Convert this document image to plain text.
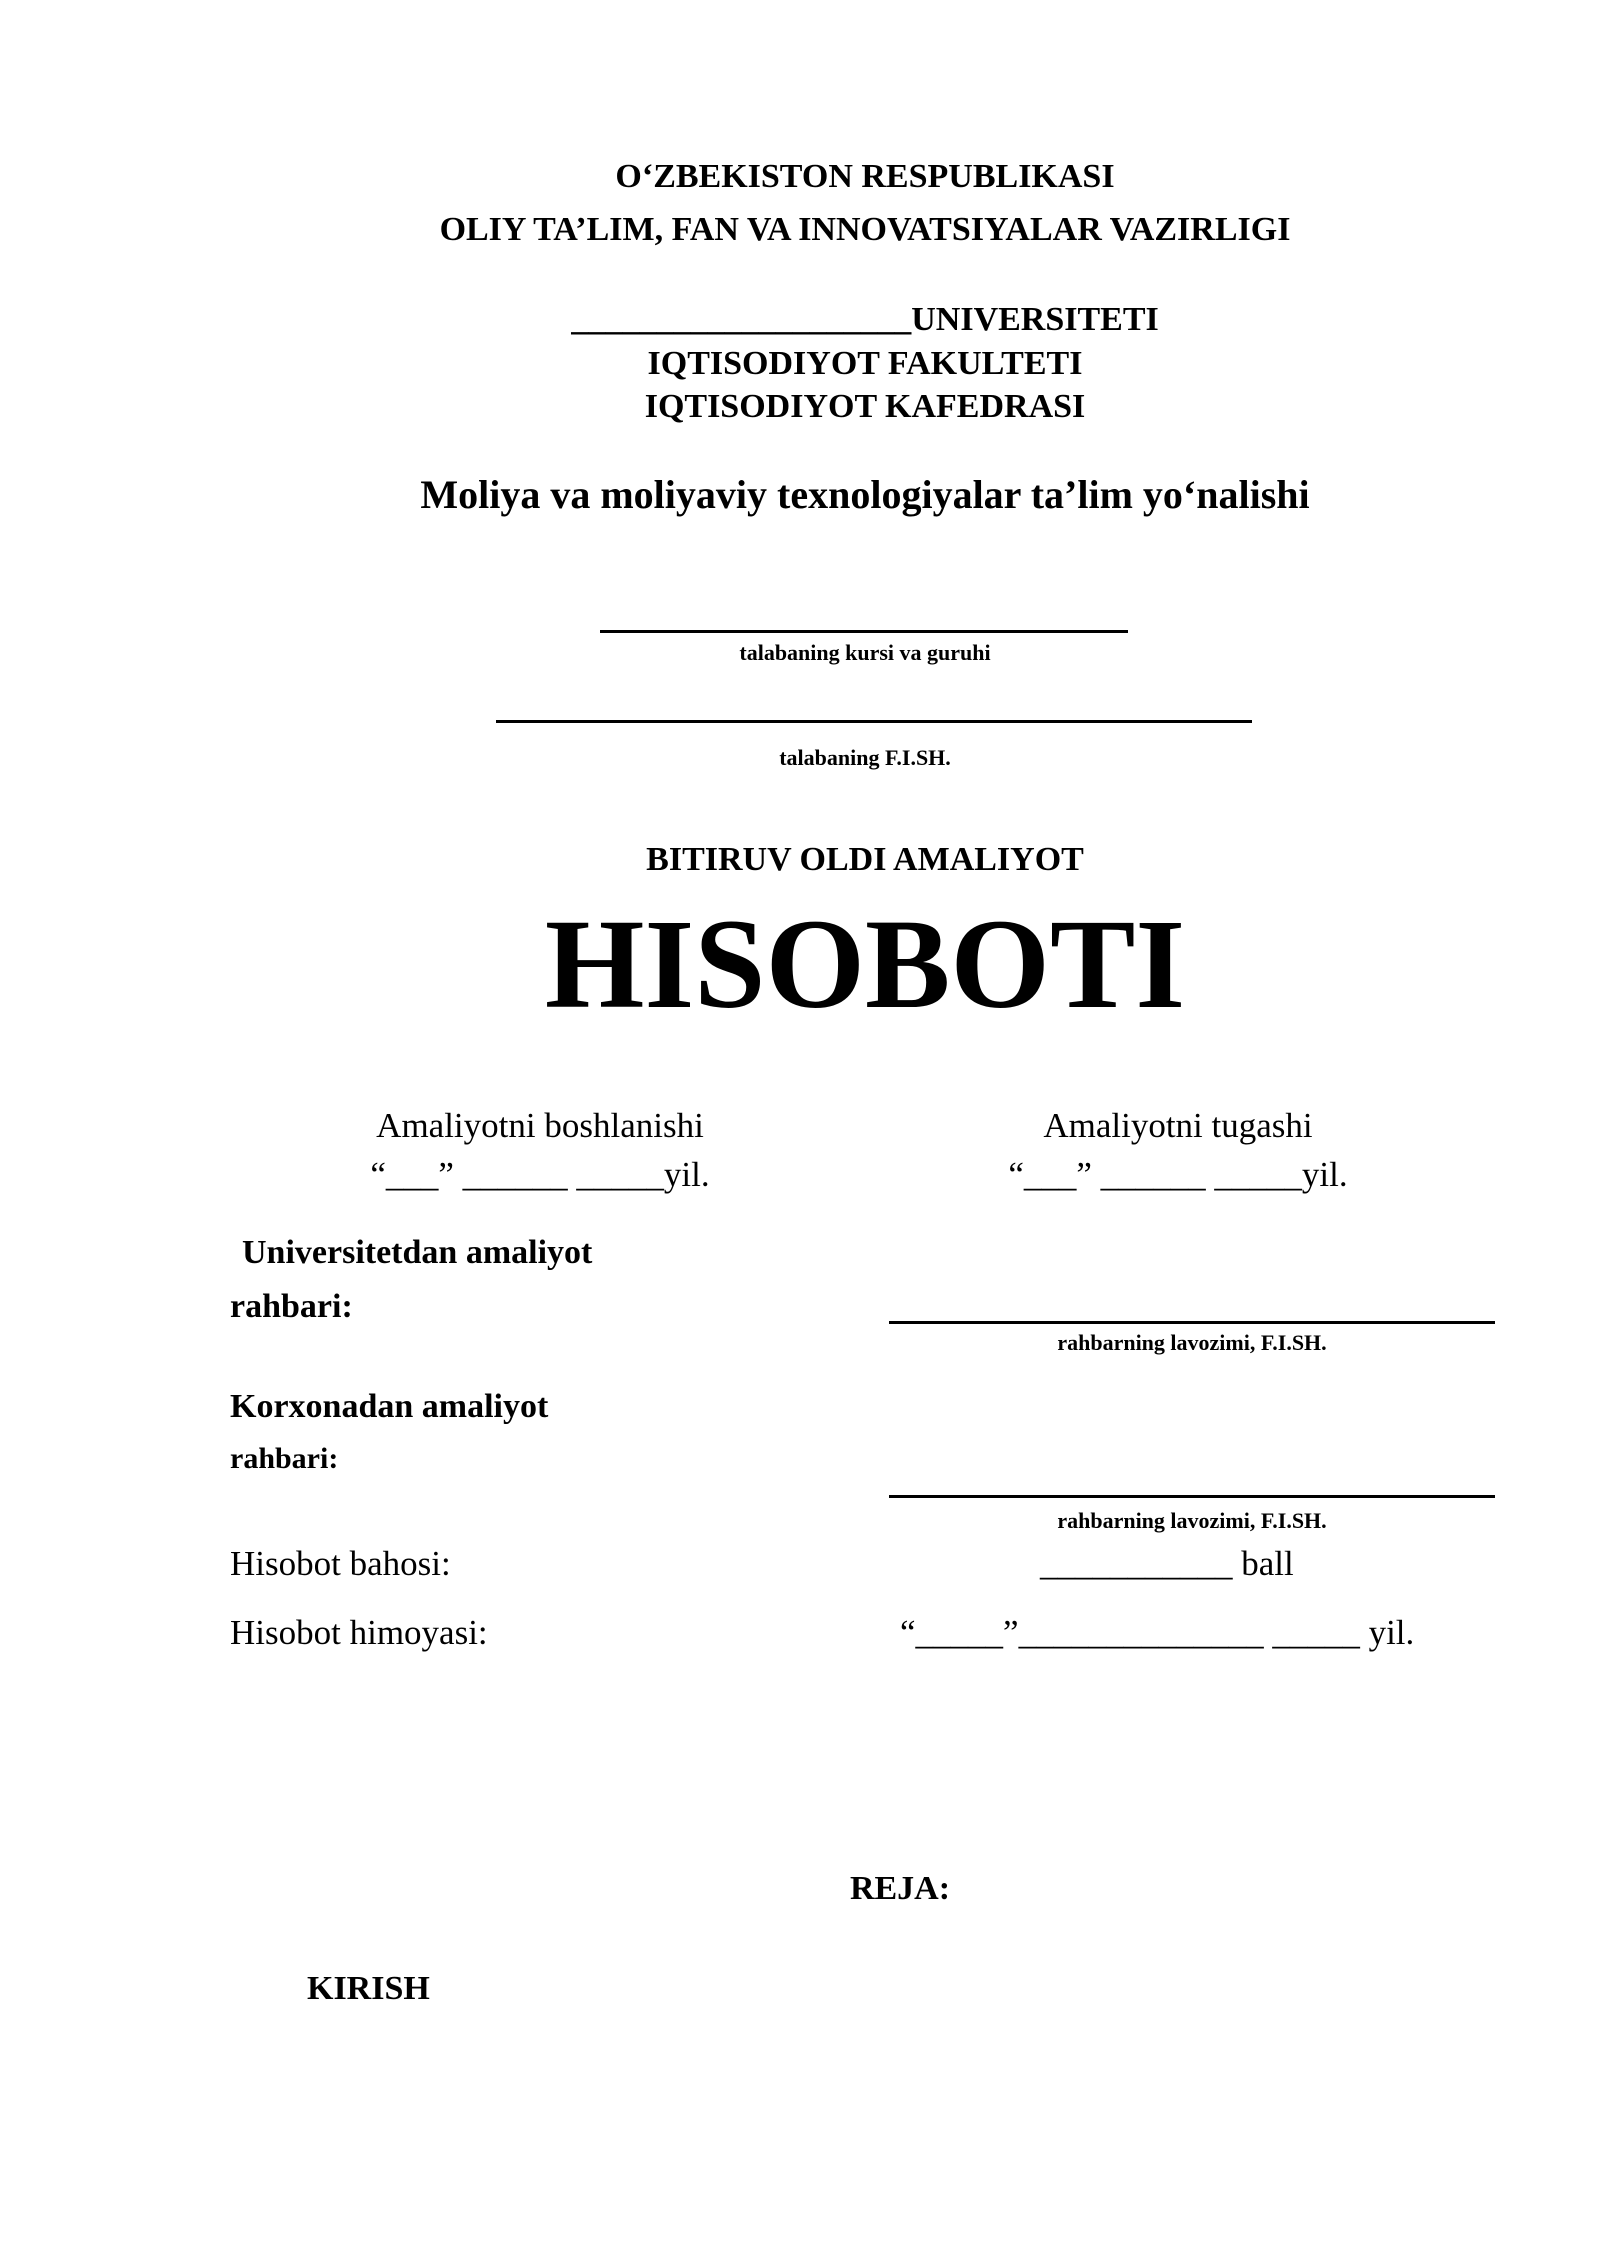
O‘ZBEKISTON RESPUBLIKASI
OLIY TA’LIM, FAN VA INNOVATSIYALAR VAZIRLIGI
____________________UNIVERSITETI
IQTISODIYOT FAKULTETI
IQTISODIYOT KAFEDRASI
Moliya va moliyaviy texnologiyalar ta’lim yo‘nalishi
talabaning kursi va guruhi
talabaning F.I.SH.
BITIRUV OLDI AMALIYOT
HISOBOTI
Amaliyotni boshlanishi
“___” ______ _____yil.
Amaliyotni tugashi
“___” ______ _____yil.
Universitetdan amaliyot
rahbari:
rahbarning lavozimi, F.I.SH.
Korxonadan amaliyot
rahbari:
rahbarning lavozimi, F.I.SH.
Hisobot bahosi:	___________ ball
Hisobot himoyasi:	“_____”______________ _____ yil.
REJA:
KIRISH
